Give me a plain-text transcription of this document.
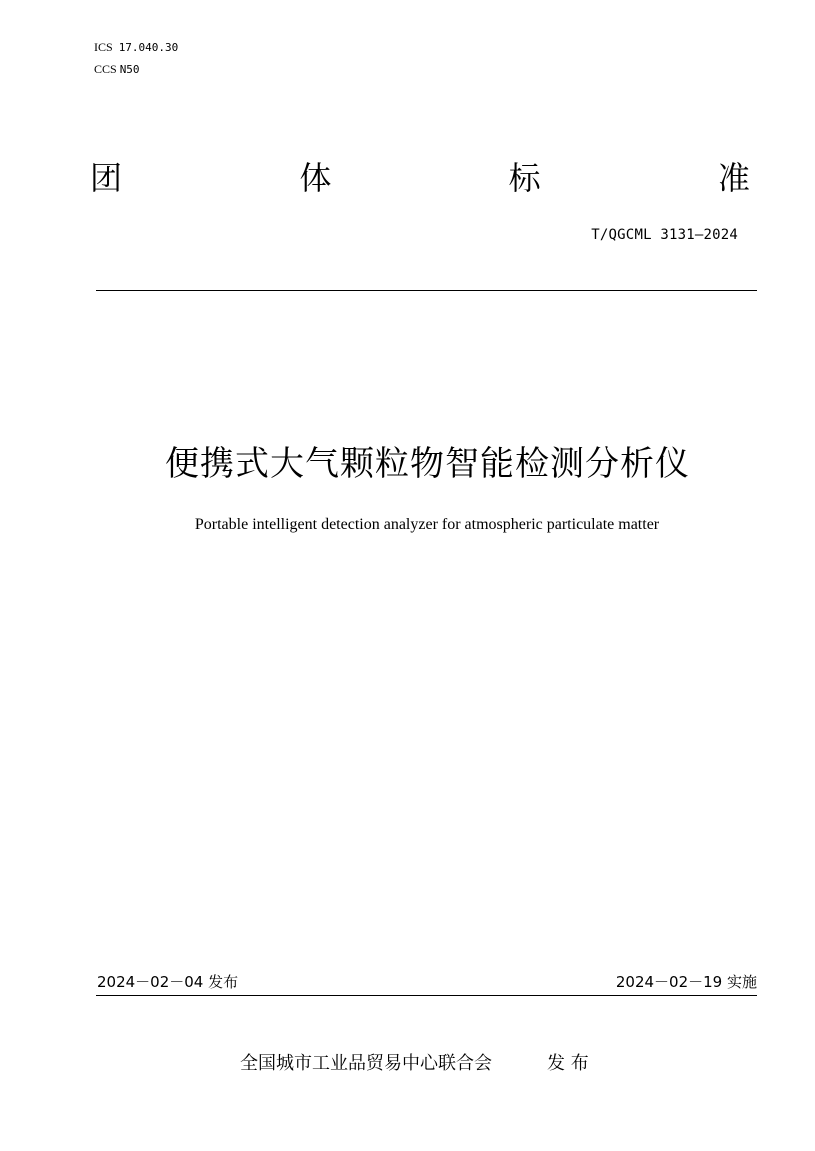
ICS 17.040.30
CCS N50
团	体	标	准
T/QGCML 3131—2024
便携式大气颗粒物智能检测分析仪
Portable intelligent detection analyzer for atmospheric particulate matter
2024－02－04 发布	2024－02－19 实施
全国城市工业品贸易中心联合会	发 布
